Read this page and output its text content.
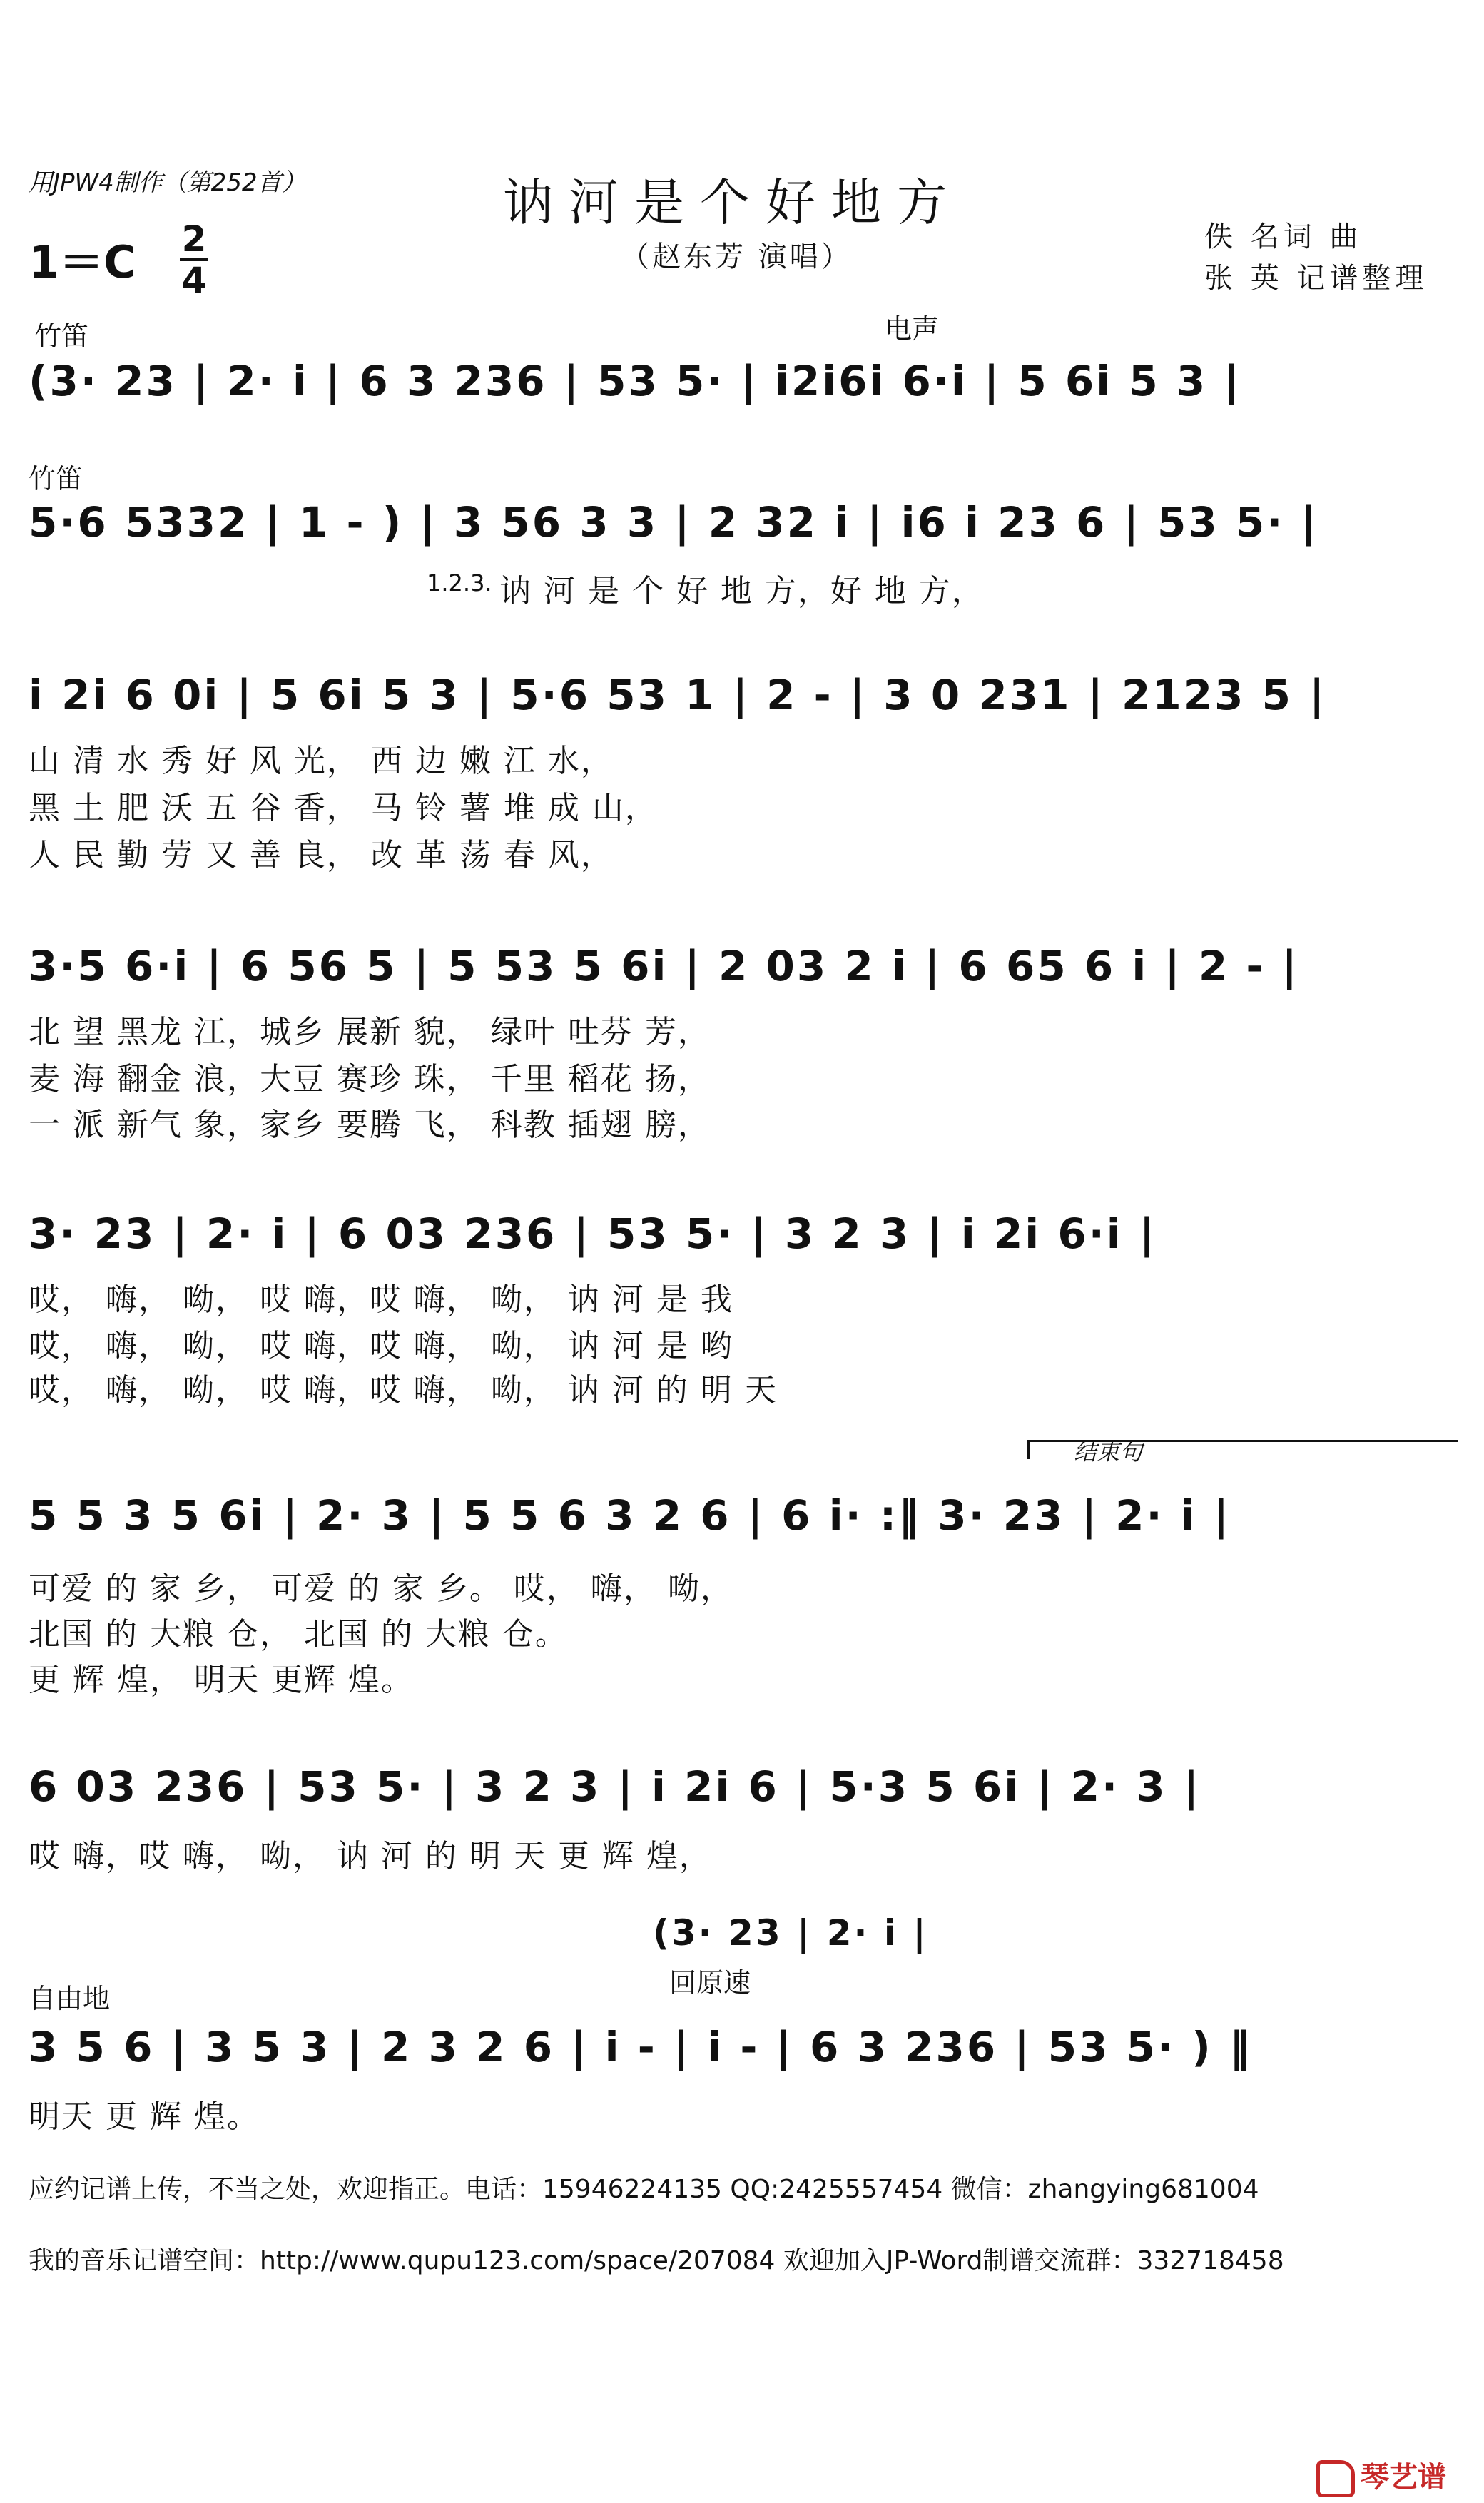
用JPW4制作（第252首）	讷河是个好地方
（赵东芳 演唱）
佚 名词 曲
张 英 记谱整理
1＝C 2
4
竹笛	电声
(3· 23 | 2· i | 6 3 236 | 53 5· | i2i6i 6·i | 5 6i 5 3 |
竹笛
5·6 5332 | 1 - ) | 3 56 3 3 | 2 32 i | i6 i 23 6 | 53 5· |
1.2.3. 讷 河 是 个 好 地 方，好 地 方，
i 2i 6 0i | 5 6i 5 3 | 5·6 53 1 | 2 - | 3 0 231 | 2123 5 |
山 清 水 秀 好 风 光， 西 边 嫩 江 水，
黑 土 肥 沃 五 谷 香， 马 铃 薯 堆 成 山，
人 民 勤 劳 又 善 良， 改 革 荡 春 风，
3·5 6·i | 6 56 5 | 5 53 5 6i | 2 03 2 i | 6 65 6 i | 2 - |
北 望 黑龙 江，城乡 展新 貌， 绿叶 吐芬 芳，
麦 海 翻金 浪，大豆 赛珍 珠， 千里 稻花 扬，
一 派 新气 象，家乡 要腾 飞， 科教 插翅 膀，
3· 23 | 2· i | 6 03 236 | 53 5· | 3 2 3 | i 2i 6·i |
哎， 嗨， 呦， 哎 嗨，哎 嗨， 呦， 讷 河 是 我
哎， 嗨， 呦， 哎 嗨，哎 嗨， 呦， 讷 河 是 哟
哎， 嗨， 呦， 哎 嗨，哎 嗨， 呦， 讷 河 的 明 天
结束句
5 5 3 5 6i | 2· 3 | 5 5 6 3 2 6 | 6 i· :‖ 3· 23 | 2· i |
可爱 的 家 乡， 可爱 的 家 乡。 哎， 嗨， 呦，
北国 的 大粮 仓， 北国 的 大粮 仓。
更 辉 煌， 明天 更辉 煌。
6 03 236 | 53 5· | 3 2 3 | i 2i 6 | 5·3 5 6i | 2· 3 |
哎 嗨，哎 嗨， 呦， 讷 河 的 明 天 更 辉 煌，
(3· 23 | 2· i |
自由地	回原速
3 5 6 | 3 5 3 | 2 3 2 6 | i - | i - | 6 3 236 | 53 5· ) ‖
明天 更 辉 煌。
应约记谱上传，不当之处，欢迎指正。电话：15946224135 QQ:2425557454 微信：zhangying681004
我的音乐记谱空间：http://www.qupu123.com/space/207084 欢迎加入JP-Word制谱交流群：332718458
琴艺谱
